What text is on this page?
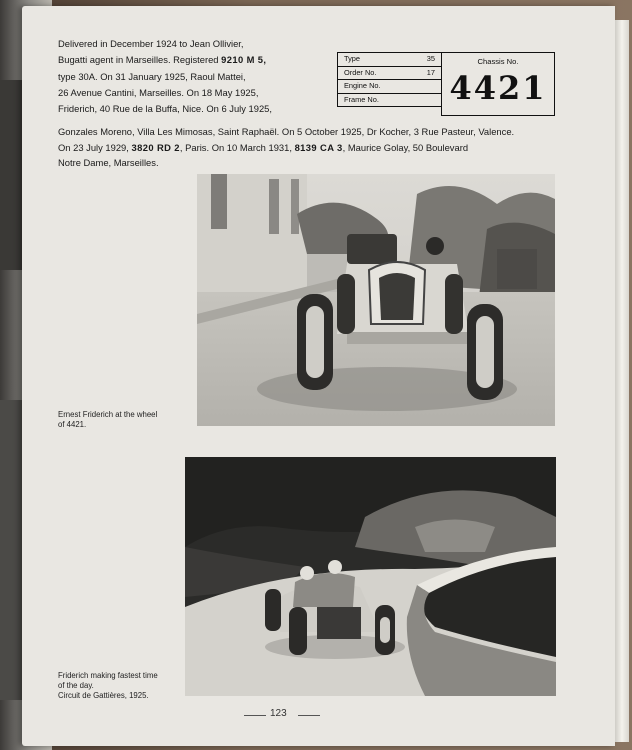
Delivered in December 1924 to Jean Ollivier,
Bugatti agent in Marseilles. Registered 9210 M 5,
type 30A. On 31 January 1925, Raoul Mattei,
26 Avenue Cantini, Marseilles. On 18 May 1925,
Friderich, 40 Rue de la Buffa, Nice. On 6 July 1925,
Gonzales Moreno, Villa Les Mimosas, Saint Raphaël. On 5 October 1925, Dr Kocher, 3 Rue Pasteur, Valence.
On 23 July 1929, 3820 RD 2, Paris. On 10 March 1931, 8139 CA 3, Maurice Golay, 50 Boulevard
Notre Dame, Marseilles.
Type	35
Order No.	17
Engine No.
Frame No.
Chassis No.
4421
Ernest Friderich at the wheel
of 4421.
Friderich making fastest time
of the day.
Circuit de Gattières, 1925.
123
